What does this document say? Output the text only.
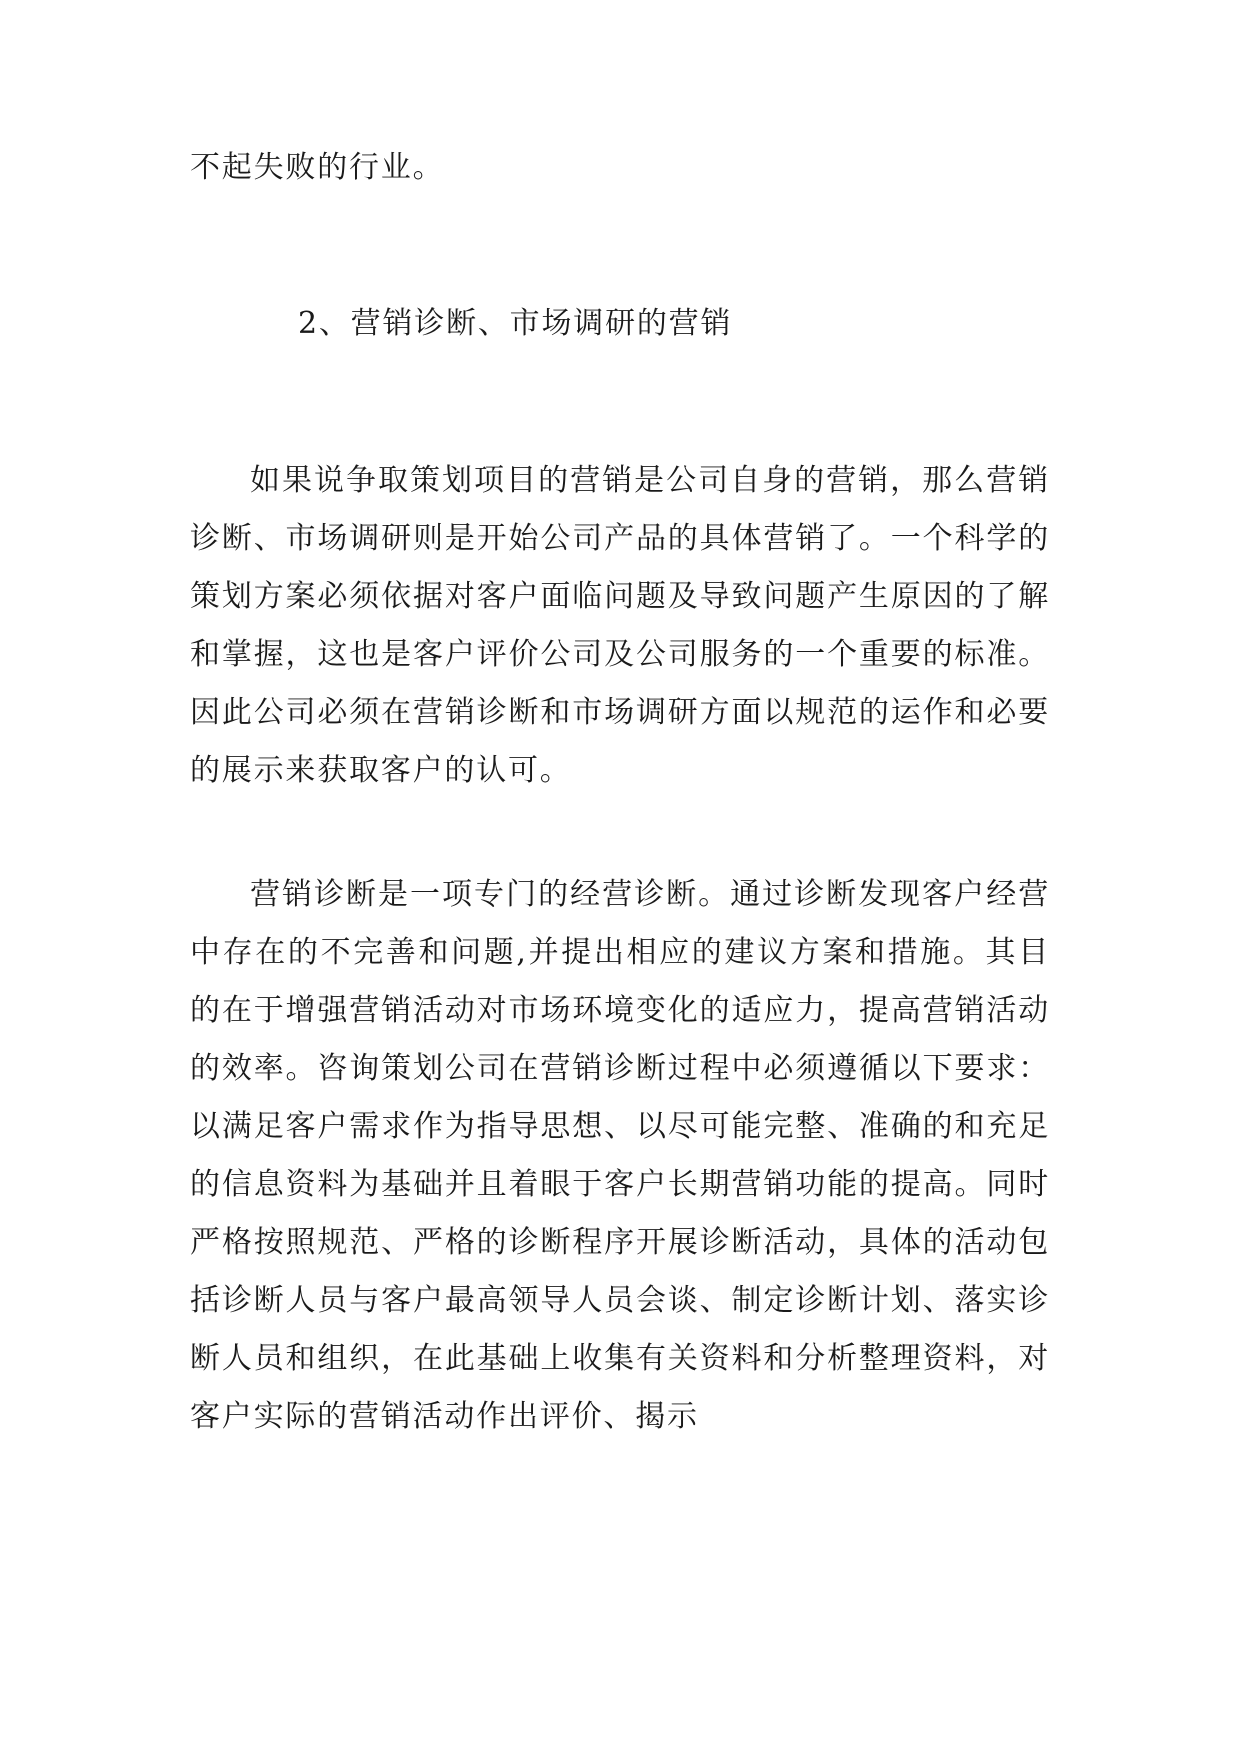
不起失败的行业。
2、营销诊断、市场调研的营销
如果说争取策划项目的营销是公司自身的营销，那么营销诊断、市场调研则是开始公司产品的具体营销了。一个科学的策划方案必须依据对客户面临问题及导致问题产生原因的了解和掌握，这也是客户评价公司及公司服务的一个重要的标准。因此公司必须在营销诊断和市场调研方面以规范的运作和必要的展示来获取客户的认可。
营销诊断是一项专门的经营诊断。通过诊断发现客户经营中存在的不完善和问题,并提出相应的建议方案和措施。其目的在于增强营销活动对市场环境变化的适应力，提高营销活动的效率。咨询策划公司在营销诊断过程中必须遵循以下要求：以满足客户需求作为指导思想、以尽可能完整、准确的和充足的信息资料为基础并且着眼于客户长期营销功能的提高。同时严格按照规范、严格的诊断程序开展诊断活动，具体的活动包括诊断人员与客户最高领导人员会谈、制定诊断计划、落实诊断人员和组织，在此基础上收集有关资料和分析整理资料，对客户实际的营销活动作出评价、揭示
